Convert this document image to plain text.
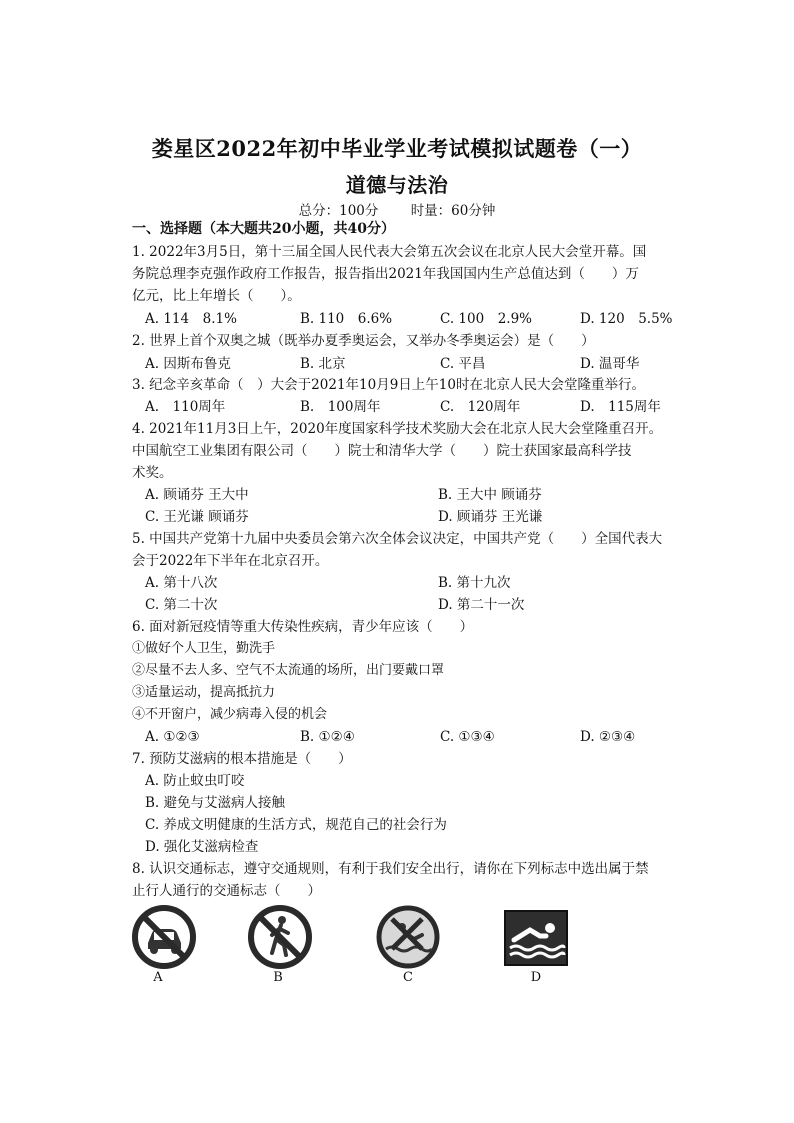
娄星区2022年初中毕业学业考试模拟试题卷（一）
道德与法治
总分：100分 时量：60分钟
一、选择题（本大题共20小题，共40分）
1. 2022年3月5日，第十三届全国人民代表大会第五次会议在北京人民大会堂开幕。国
务院总理李克强作政府工作报告，报告指出2021年我国国内生产总值达到（　　）万
亿元，比上年增长（　　）。
A. 114　8.1%	B. 110　6.6%	C. 100　2.9%	D. 120　5.5%
2. 世界上首个双奥之城（既举办夏季奥运会，又举办冬季奥运会）是（　　）
A. 因斯布鲁克	B. 北京	C. 平昌	D. 温哥华
3. 纪念辛亥革命（　）大会于2021年10月9日上午10时在北京人民大会堂隆重举行。
A.　110周年	B.　100周年	C.　120周年	D.　115周年
4. 2021年11月3日上午，2020年度国家科学技术奖励大会在北京人民大会堂隆重召开。
中国航空工业集团有限公司（　　）院士和清华大学（　　）院士获国家最高科学技
术奖。
A. 顾诵芬 王大中	B. 王大中 顾诵芬
C. 王光谦 顾诵芬	D. 顾诵芬 王光谦
5. 中国共产党第十九届中央委员会第六次全体会议决定，中国共产党（　　）全国代表大
会于2022年下半年在北京召开。
A. 第十八次	B. 第十九次
C. 第二十次	D. 第二十一次
6. 面对新冠疫情等重大传染性疾病，青少年应该（　　）
①做好个人卫生，勤洗手
②尽量不去人多、空气不太流通的场所，出门要戴口罩
③适量运动，提高抵抗力
④不开窗户，减少病毒入侵的机会
A. ①②③	B. ①②④	C. ①③④	D. ②③④
7. 预防艾滋病的根本措施是（　　）
A. 防止蚊虫叮咬
B. 避免与艾滋病人接触
C. 养成文明健康的生活方式，规范自己的社会行为
D. 强化艾滋病检查
8. 认识交通标志，遵守交通规则，有利于我们安全出行，请你在下列标志中选出属于禁
止行人通行的交通标志（　　）
A	B	C	D
